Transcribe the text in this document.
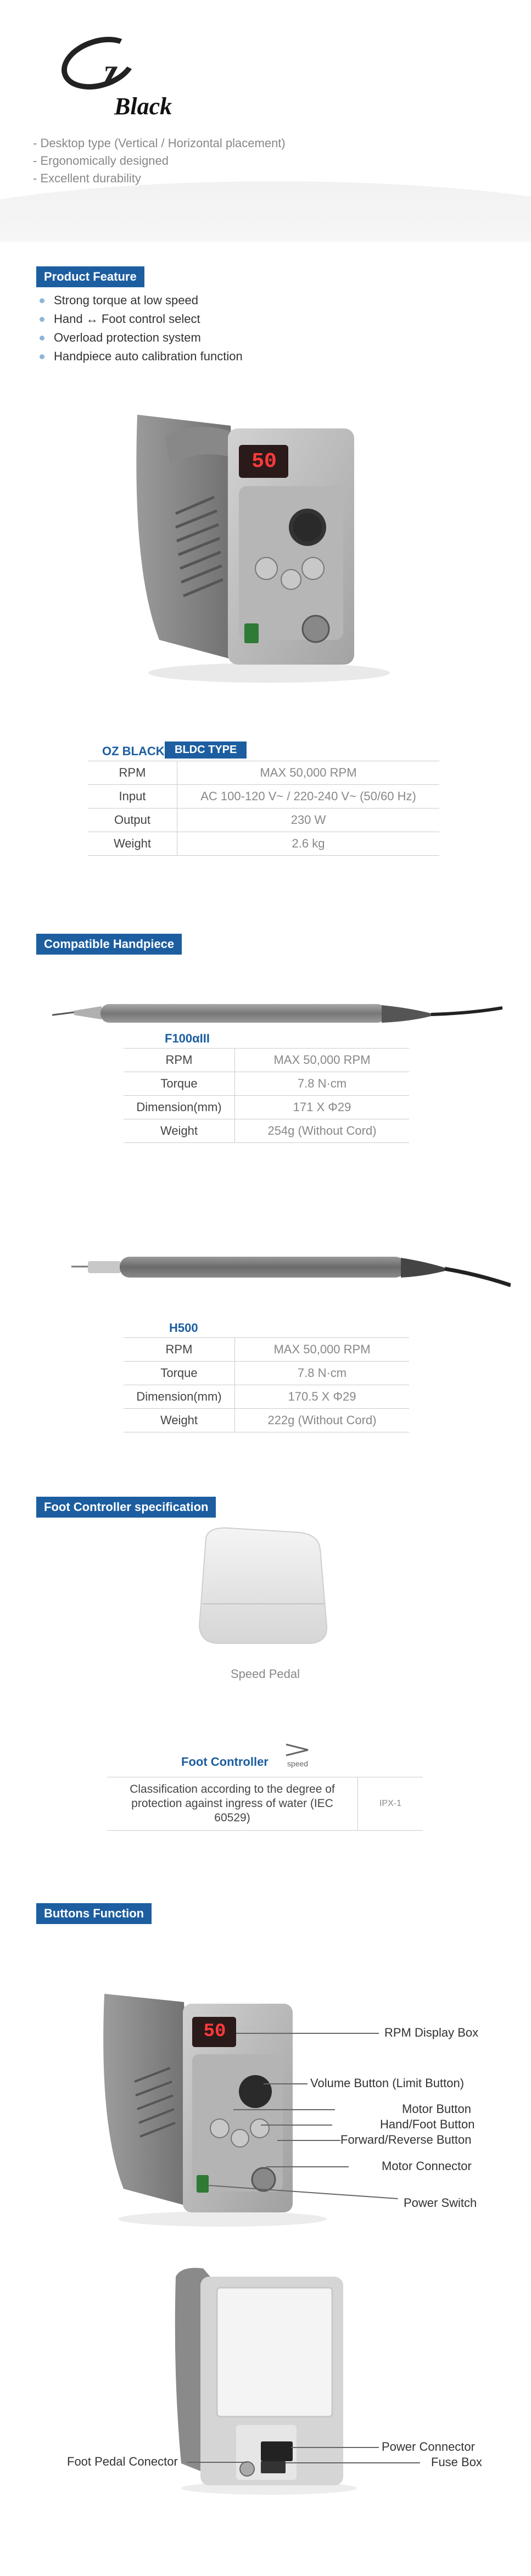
z
Black
- Desktop type (Vertical / Horizontal placement)
- Ergonomically designed
- Excellent durability
Product Feature
Strong torque at low speed
Hand ↔ Foot control select
Overload protection system
Handpiece auto calibration function
50
OZ BLACK BLDC TYPE
RPM	MAX 50,000 RPM
Input	AC 100-120 V~ / 220-240 V~ (50/60 Hz)
Output	230 W
Weight	2.6 kg
Compatible Handpiece
F100αIII
RPM	MAX 50,000 RPM
Torque	7.8 N·cm
Dimension(mm)	171 X Φ29
Weight	254g (Without Cord)
H500
RPM	MAX 50,000 RPM
Torque	7.8 N·cm
Dimension(mm)	170.5 X Φ29
Weight	222g (Without Cord)
Foot Controller specification
Speed Pedal
Foot Controller	speed
Classification according to the degree of protection against ingress of water (IEC 60529)	IPX-1
Buttons Function
50	RPM Display Box
Volume Button (Limit Button)
Motor Button
Hand/Foot Button
Forward/Reverse Button
Motor Connector
Power Switch
Power Connector
Fuse Box
Foot Pedal Conector
